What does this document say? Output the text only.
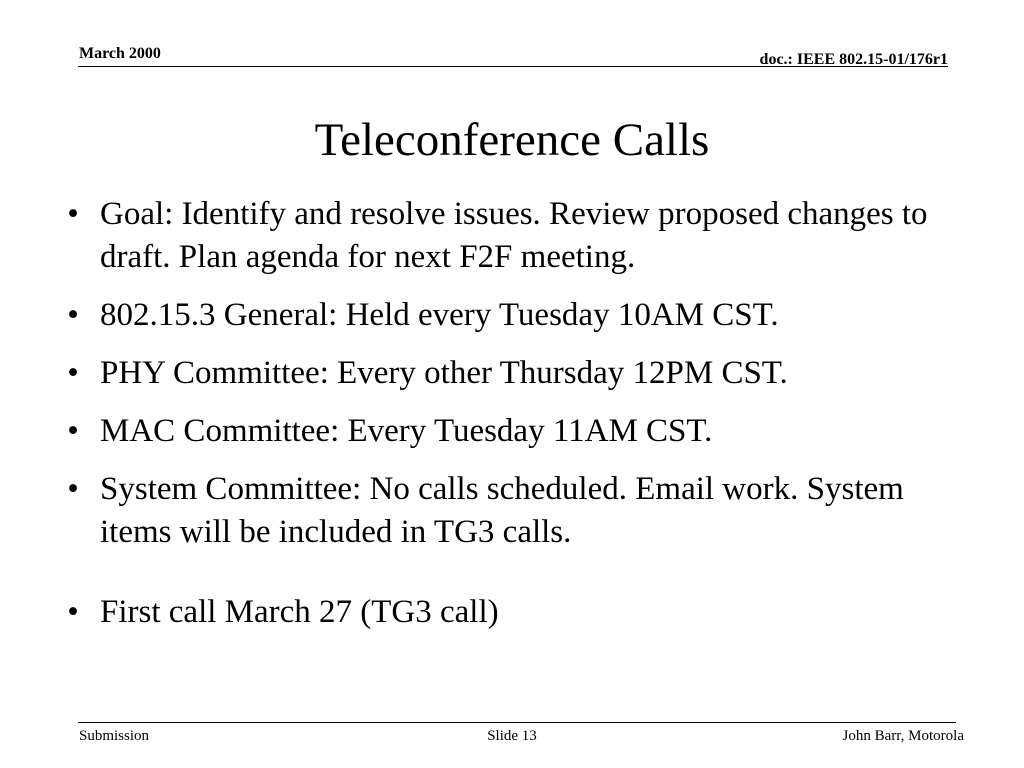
March 2000	doc.: IEEE 802.15-01/176r1
Teleconference Calls
• Goal: Identify and resolve issues. Review proposed changes to draft. Plan agenda for next F2F meeting.
• 802.15.3 General: Held every Tuesday 10AM CST.
• PHY Committee: Every other Thursday 12PM CST.
• MAC Committee: Every Tuesday 11AM CST.
• System Committee: No calls scheduled. Email work. System items will be included in TG3 calls.
• First call March 27 (TG3 call)
Submission	Slide 13	John Barr, Motorola
